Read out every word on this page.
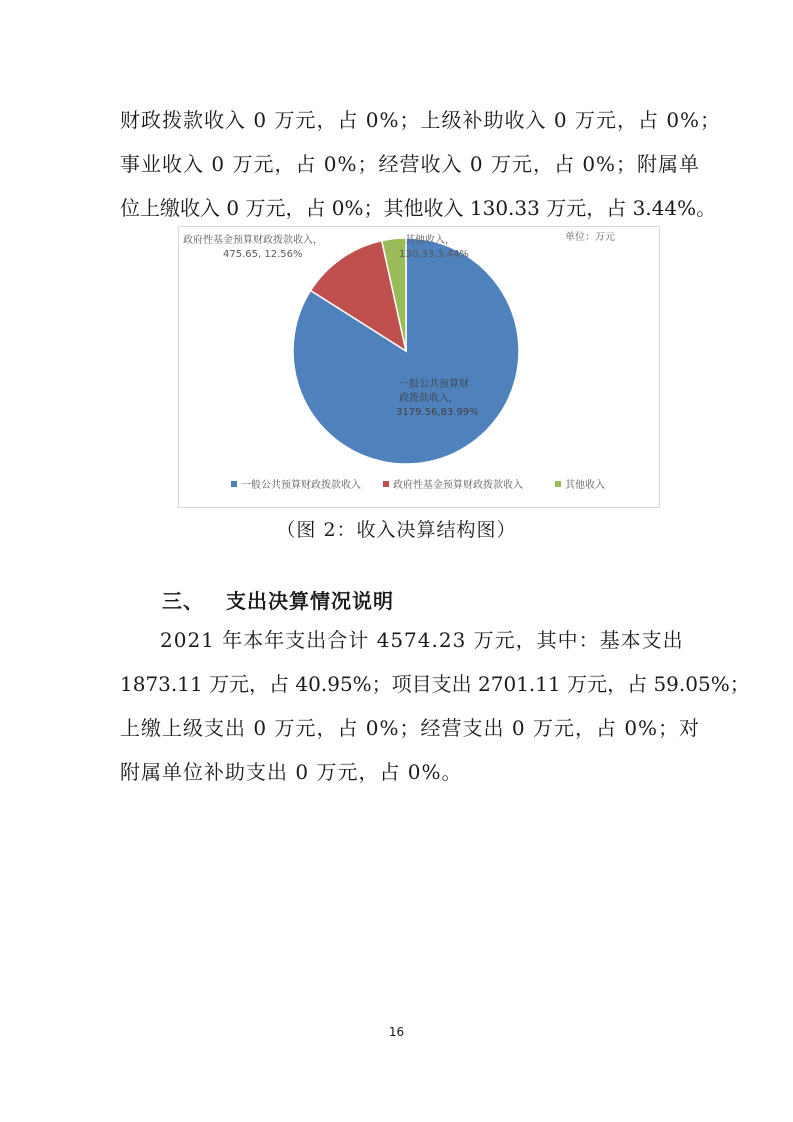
财政拨款收入 0 万元，占 0%；上级补助收入 0 万元，占 0%；
事业收入 0 万元，占 0%；经营收入 0 万元，占 0%；附属单
位上缴收入 0 万元，占 0%；其他收入 130.33 万元，占 3.44%。
单位：万元
政府性基金预算财政拨款收入，
475.65, 12.56%
其他收入，
130.33,3.44%
一般公共预算财
政拨款收入，
3179.56,83.99%
一般公共预算财政拨款收入	政府性基金预算财政拨款收入	其他收入
（图 2：收入决算结构图）
三、 支出决算情况说明
2021 年本年支出合计 4574.23 万元，其中：基本支出
1873.11 万元，占 40.95%；项目支出 2701.11 万元，占 59.05%；
上缴上级支出 0 万元，占 0%；经营支出 0 万元，占 0%；对
附属单位补助支出 0 万元，占 0%。
16
